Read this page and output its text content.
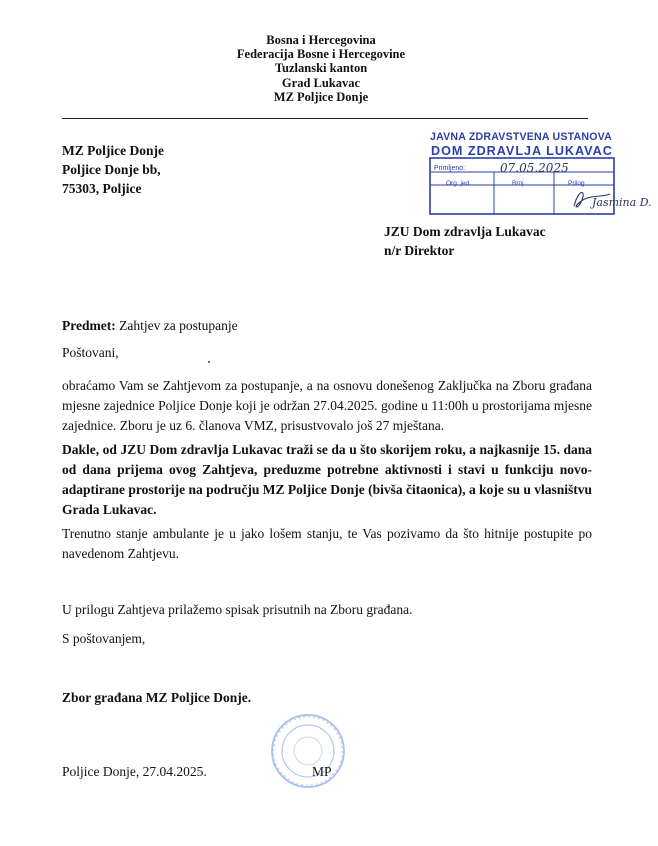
Bosna i Hercegovina
Federacija Bosne i Hercegovine
Tuzlanski kanton
Grad Lukavac
MZ Poljice Donje
MZ Poljice Donje
Poljice Donje bb,
75303, Poljice
JAVNA ZDRAVSTVENA USTANOVA
DOM ZDRAVLJA LUKAVAC
Primljeno:	07.05.2025
Org. jed.	Broj	Prilog
Jasmina D.
JZU Dom zdravlja Lukavac
n/r Direktor
Predmet: Zahtjev za postupanje
Poštovani,
obraćamo Vam se Zahtjevom za postupanje, a na osnovu donešenog Zaključka na Zboru građana mjesne zajednice Poljice Donje koji je održan 27.04.2025. godine u 11:00h u prostorijama mjesne zajednice. Zboru je uz 6. članova VMZ, prisustvovalo još 27 mještana.
Dakle, od JZU Dom zdravlja Lukavac traži se da u što skorijem roku, a najkasnije 15. dana od dana prijema ovog Zahtjeva, preduzme potrebne aktivnosti i stavi u funkciju novo-adaptirane prostorije na području MZ Poljice Donje (bivša čitaonica), a koje su u vlasništvu Grada Lukavac.
Trenutno stanje ambulante je u jako lošem stanju, te Vas pozivamo da što hitnije postupite po navedenom Zahtjevu.
U prilogu Zahtjeva prilažemo spisak prisutnih na Zboru građana.
S poštovanjem,
Zbor građana MZ Poljice Donje.
Poljice Donje, 27.04.2025.	MP
